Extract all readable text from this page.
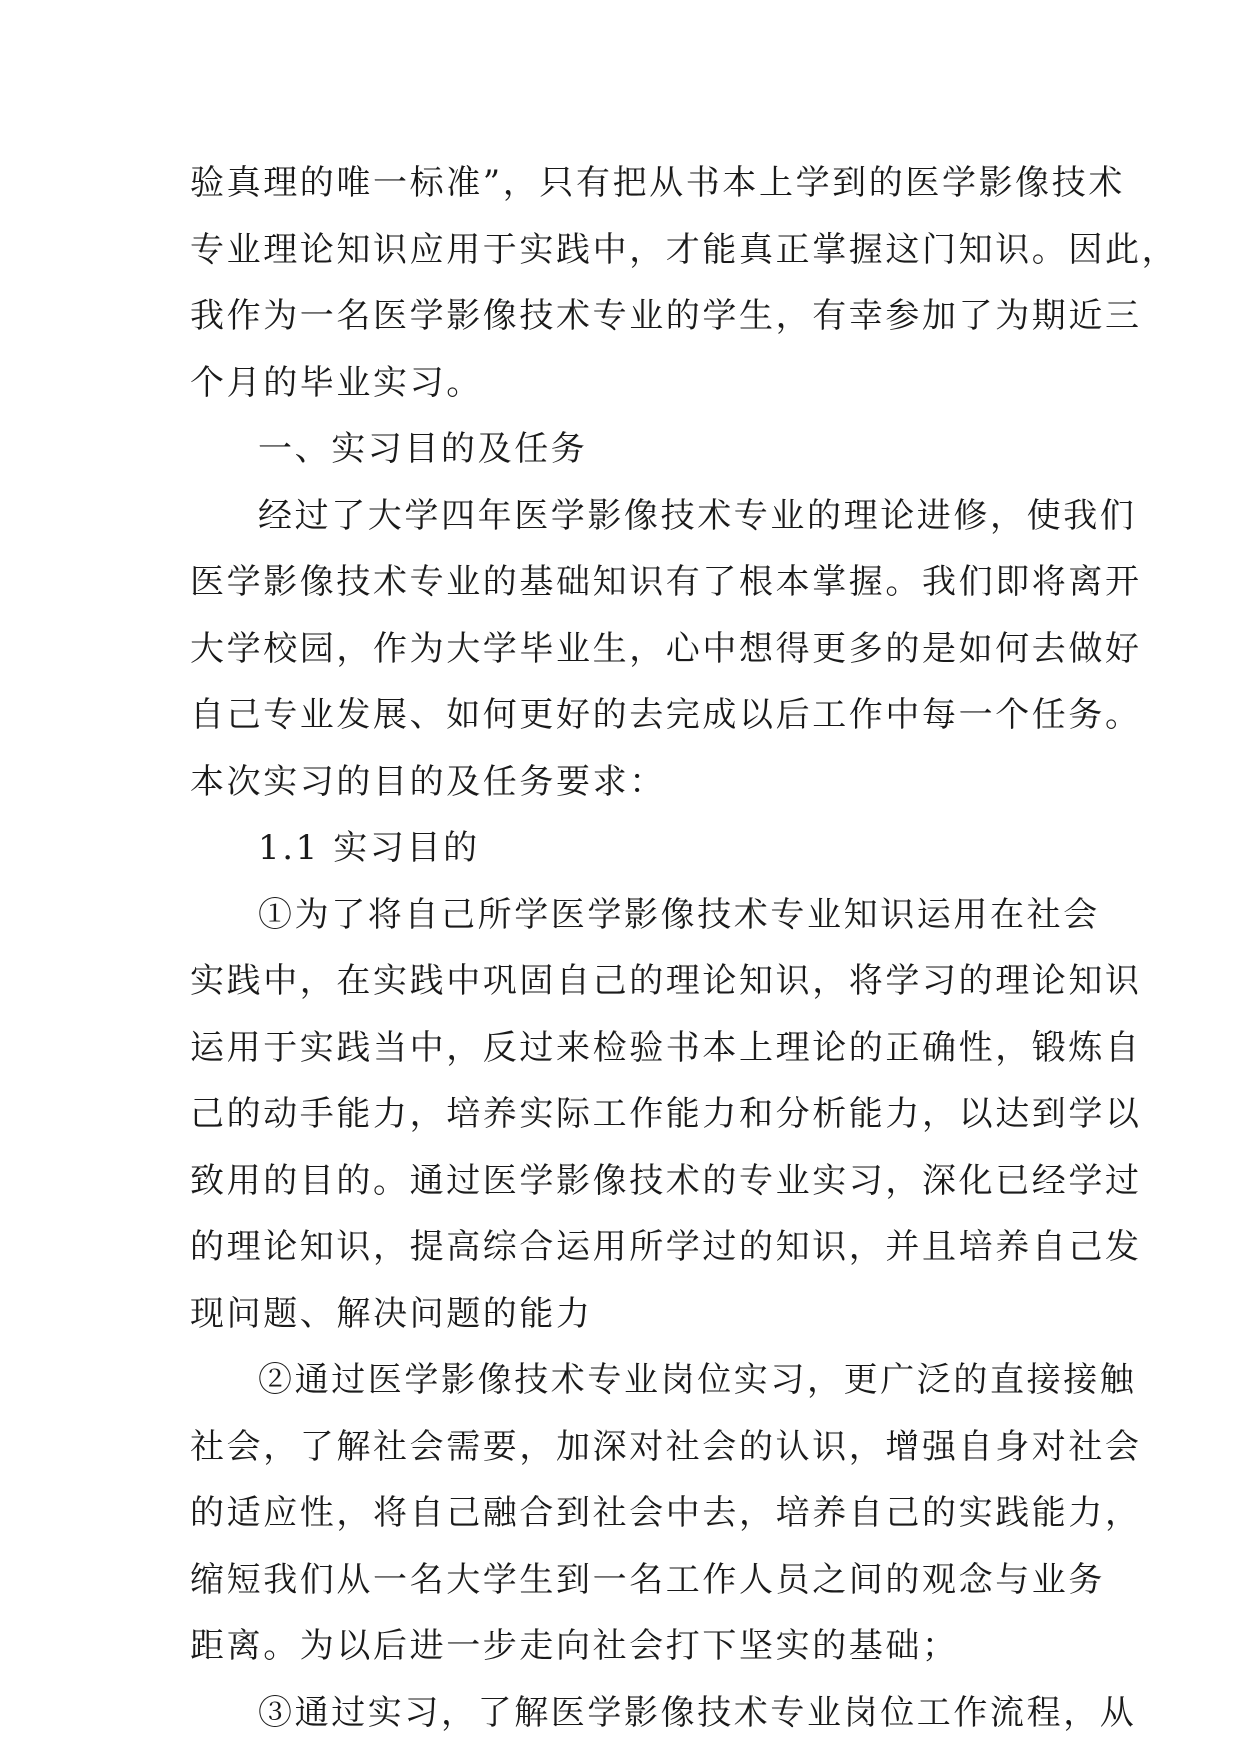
验真理的唯一标准”，只有把从书本上学到的医学影像技术
专业理论知识应用于实践中，才能真正掌握这门知识。因此，
我作为一名医学影像技术专业的学生，有幸参加了为期近三
个月的毕业实习。
一、实习目的及任务
经过了大学四年医学影像技术专业的理论进修，使我们
医学影像技术专业的基础知识有了根本掌握。我们即将离开
大学校园，作为大学毕业生，心中想得更多的是如何去做好
自己专业发展、如何更好的去完成以后工作中每一个任务。
本次实习的目的及任务要求：
1.1 实习目的
①为了将自己所学医学影像技术专业知识运用在社会
实践中，在实践中巩固自己的理论知识，将学习的理论知识
运用于实践当中，反过来检验书本上理论的正确性，锻炼自
己的动手能力，培养实际工作能力和分析能力，以达到学以
致用的目的。通过医学影像技术的专业实习，深化已经学过
的理论知识，提高综合运用所学过的知识，并且培养自己发
现问题、解决问题的能力
②通过医学影像技术专业岗位实习，更广泛的直接接触
社会，了解社会需要，加深对社会的认识，增强自身对社会
的适应性，将自己融合到社会中去，培养自己的实践能力，
缩短我们从一名大学生到一名工作人员之间的观念与业务
距离。为以后进一步走向社会打下坚实的基础；
③通过实习，了解医学影像技术专业岗位工作流程，从
